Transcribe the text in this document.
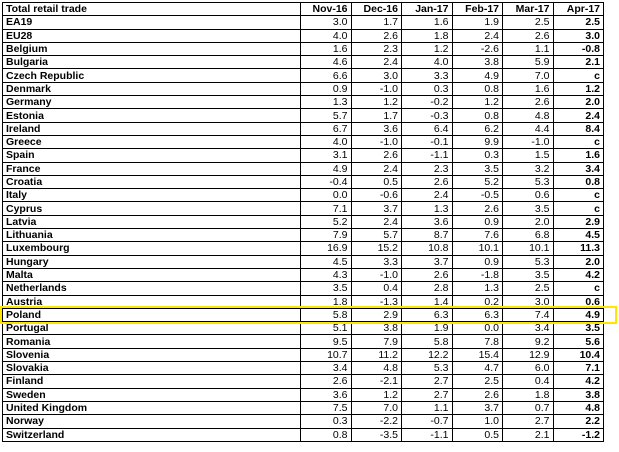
Total retail trade	Nov-16	Dec-16	Jan-17	Feb-17	Mar-17	Apr-17
EA19	3.0	1.7	1.6	1.9	2.5	2.5
EU28	4.0	2.6	1.8	2.4	2.6	3.0
Belgium	1.6	2.3	1.2	-2.6	1.1	-0.8
Bulgaria	4.6	2.4	4.0	3.8	5.9	2.1
Czech Republic	6.6	3.0	3.3	4.9	7.0	c
Denmark	0.9	-1.0	0.3	0.8	1.6	1.2
Germany	1.3	1.2	-0.2	1.2	2.6	2.0
Estonia	5.7	1.7	-0.3	0.8	4.8	2.4
Ireland	6.7	3.6	6.4	6.2	4.4	8.4
Greece	4.0	-1.0	-0.1	9.9	-1.0	c
Spain	3.1	2.6	-1.1	0.3	1.5	1.6
France	4.9	2.4	2.3	3.5	3.2	3.4
Croatia	-0.4	0.5	2.6	5.2	5.3	0.8
Italy	0.0	-0.6	2.4	-0.5	0.6	c
Cyprus	7.1	3.7	1.3	2.6	3.5	c
Latvia	5.2	2.4	3.6	0.9	2.0	2.9
Lithuania	7.9	5.7	8.7	7.6	6.8	4.5
Luxembourg	16.9	15.2	10.8	10.1	10.1	11.3
Hungary	4.5	3.3	3.7	0.9	5.3	2.0
Malta	4.3	-1.0	2.6	-1.8	3.5	4.2
Netherlands	3.5	0.4	2.8	1.3	2.5	c
Austria	1.8	-1.3	1.4	0.2	3.0	0.6
Poland	5.8	2.9	6.3	6.3	7.4	4.9
Portugal	5.1	3.8	1.9	0.0	3.4	3.5
Romania	9.5	7.9	5.8	7.8	9.2	5.6
Slovenia	10.7	11.2	12.2	15.4	12.9	10.4
Slovakia	3.4	4.8	5.3	4.7	6.0	7.1
Finland	2.6	-2.1	2.7	2.5	0.4	4.2
Sweden	3.6	1.2	2.7	2.6	1.8	3.8
United Kingdom	7.5	7.0	1.1	3.7	0.7	4.8
Norway	0.3	-2.2	-0.7	1.0	2.7	2.2
Switzerland	0.8	-3.5	-1.1	0.5	2.1	-1.2
